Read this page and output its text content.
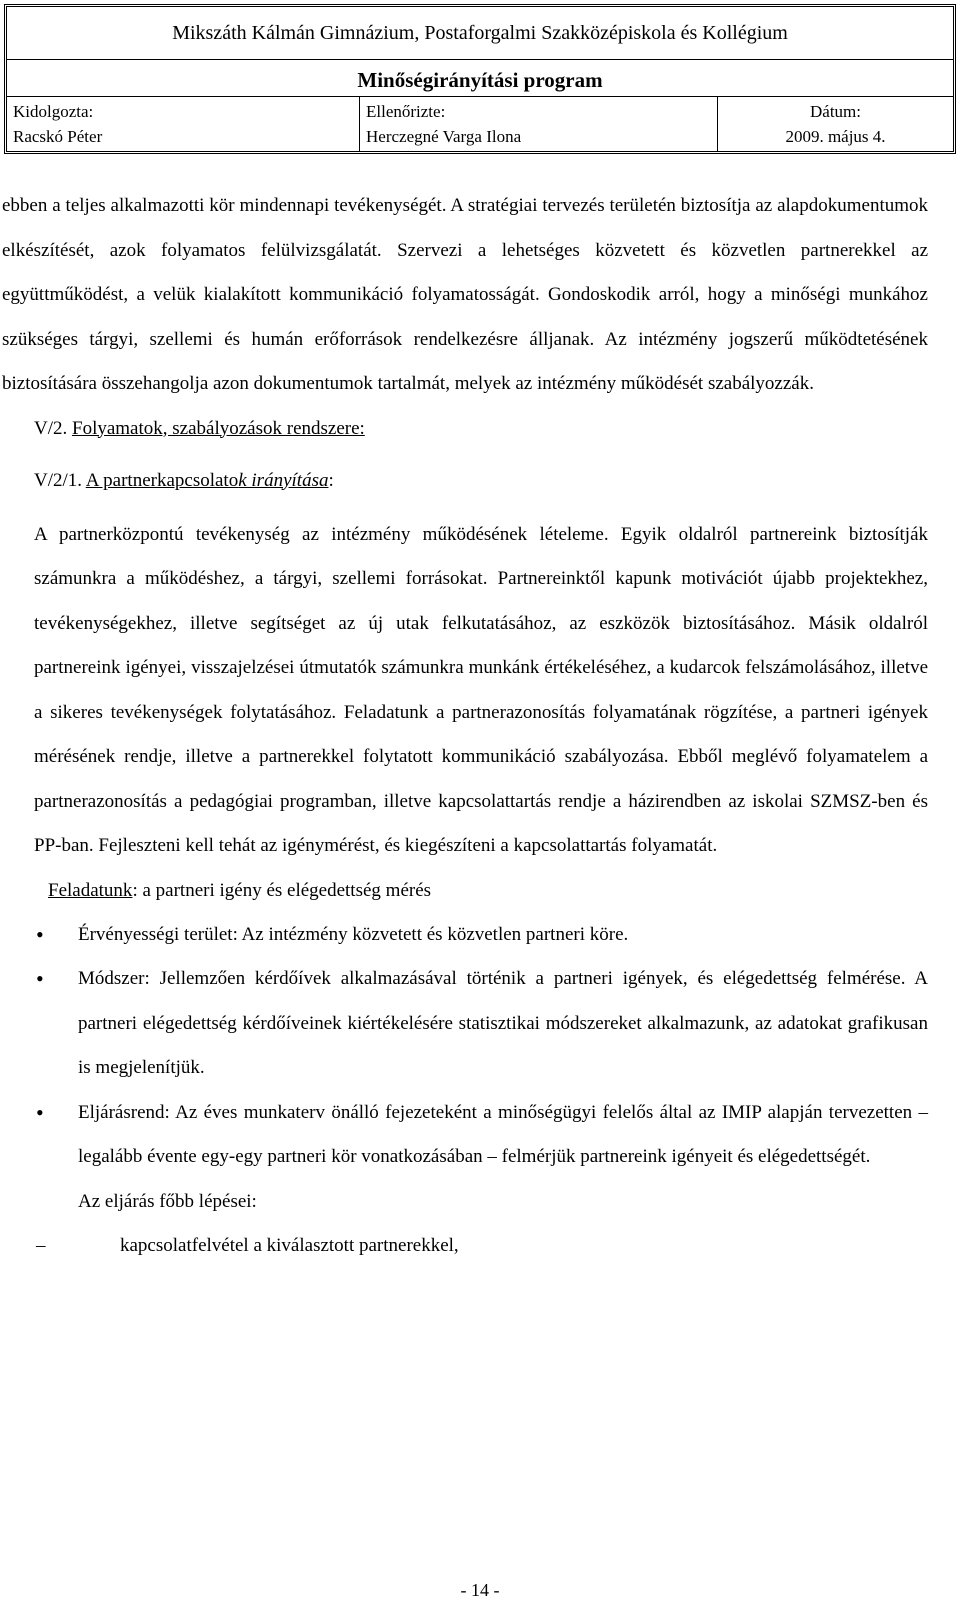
Mikszáth Kálmán Gimnázium, Postaforgalmi Szakközépiskola és Kollégium
Minőségirányítási program
Kidolgozta:
Racskó Péter
Ellenőrizte:
Herczegné Varga Ilona
Dátum:
2009. május 4.

ebben a teljes alkalmazotti kör mindennapi tevékenységét. A stratégiai tervezés területén biztosítja az alapdokumentumok elkészítését, azok folyamatos felülvizsgálatát. Szervezi a lehetséges közvetett és közvetlen partnerekkel az együttműködést, a velük kialakított kommunikáció folyamatosságát. Gondoskodik arról, hogy a minőségi munkához szükséges tárgyi, szellemi és humán erőforrások rendelkezésre álljanak. Az intézmény jogszerű működtetésének biztosítására összehangolja azon dokumentumok tartalmát, melyek az intézmény működését szabályozzák.

V/2. Folyamatok, szabályozások rendszere:
V/2/1. A partnerkapcsolatok irányítása:

A partnerközpontú tevékenység az intézmény működésének lételeme. Egyik oldalról partnereink biztosítják számunkra a működéshez, a tárgyi, szellemi forrásokat. Partnereinktől kapunk motivációt újabb projektekhez, tevékenységekhez, illetve segítséget az új utak felkutatásához, az eszközök biztosításához. Másik oldalról partnereink igényei, visszajelzései útmutatók számunkra munkánk értékeléséhez, a kudarcok felszámolásához, illetve a sikeres tevékenységek folytatásához. Feladatunk a partnerazonosítás folyamatának rögzítése, a partneri igények mérésének rendje, illetve a partnerekkel folytatott kommunikáció szabályozása. Ebből meglévő folyamatelem a partnerazonosítás a pedagógiai programban, illetve kapcsolattartás rendje a házirendben az iskolai SZMSZ-ben és PP-ban. Fejleszteni kell tehát az igénymérést, és kiegészíteni a kapcsolattartás folyamatát.

Feladatunk: a partneri igény és elégedettség mérés
• Érvényességi terület: Az intézmény közvetett és közvetlen partneri köre.
• Módszer: Jellemzően kérdőívek alkalmazásával történik a partneri igények, és elégedettség felmérése. A partneri elégedettség kérdőíveinek kiértékelésére statisztikai módszereket alkalmazunk, az adatokat grafikusan is megjelenítjük.
• Eljárásrend: Az éves munkaterv önálló fejezeteként a minőségügyi felelős által az IMIP alapján tervezetten – legalább évente egy-egy partneri kör vonatkozásában – felmérjük partnereink igényeit és elégedettségét.
Az eljárás főbb lépései:
–	kapcsolatfelvétel a kiválasztott partnerekkel,
- 14 -
